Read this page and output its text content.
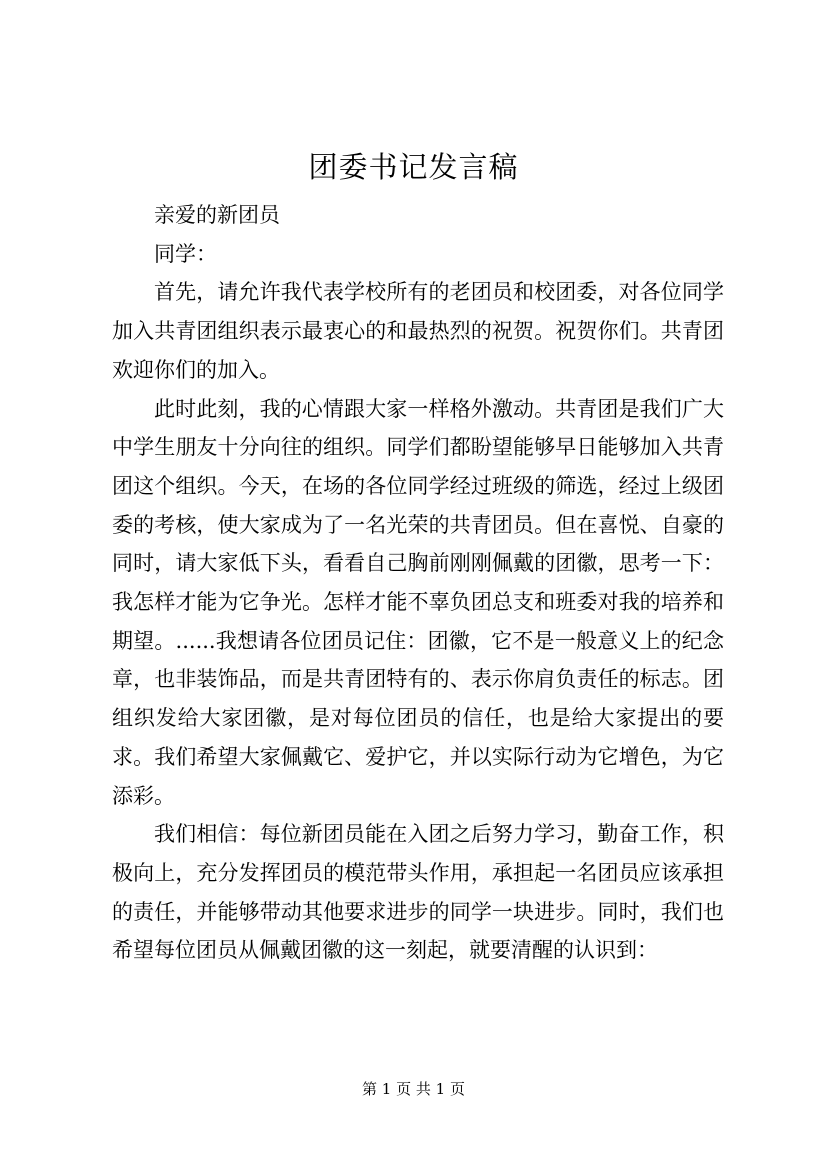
团委书记发言稿

亲爱的新团员

同学：

首先，请允许我代表学校所有的老团员和校团委，对各位同学加入共青团组织表示最衷心的和最热烈的祝贺。祝贺你们。共青团欢迎你们的加入。

此时此刻，我的心情跟大家一样格外激动。共青团是我们广大中学生朋友十分向往的组织。同学们都盼望能够早日能够加入共青团这个组织。今天，在场的各位同学经过班级的筛选，经过上级团委的考核，使大家成为了一名光荣的共青团员。但在喜悦、自豪的同时，请大家低下头，看看自己胸前刚刚佩戴的团徽，思考一下：我怎样才能为它争光。怎样才能不辜负团总支和班委对我的培养和期望。......我想请各位团员记住：团徽，它不是一般意义上的纪念章，也非装饰品，而是共青团特有的、表示你肩负责任的标志。团组织发给大家团徽，是对每位团员的信任，也是给大家提出的要求。我们希望大家佩戴它、爱护它，并以实际行动为它增色，为它添彩。

我们相信：每位新团员能在入团之后努力学习，勤奋工作，积极向上，充分发挥团员的模范带头作用，承担起一名团员应该承担的责任，并能够带动其他要求进步的同学一块进步。同时，我们也希望每位团员从佩戴团徽的这一刻起，就要清醒的认识到：

第 1 页 共 1 页
